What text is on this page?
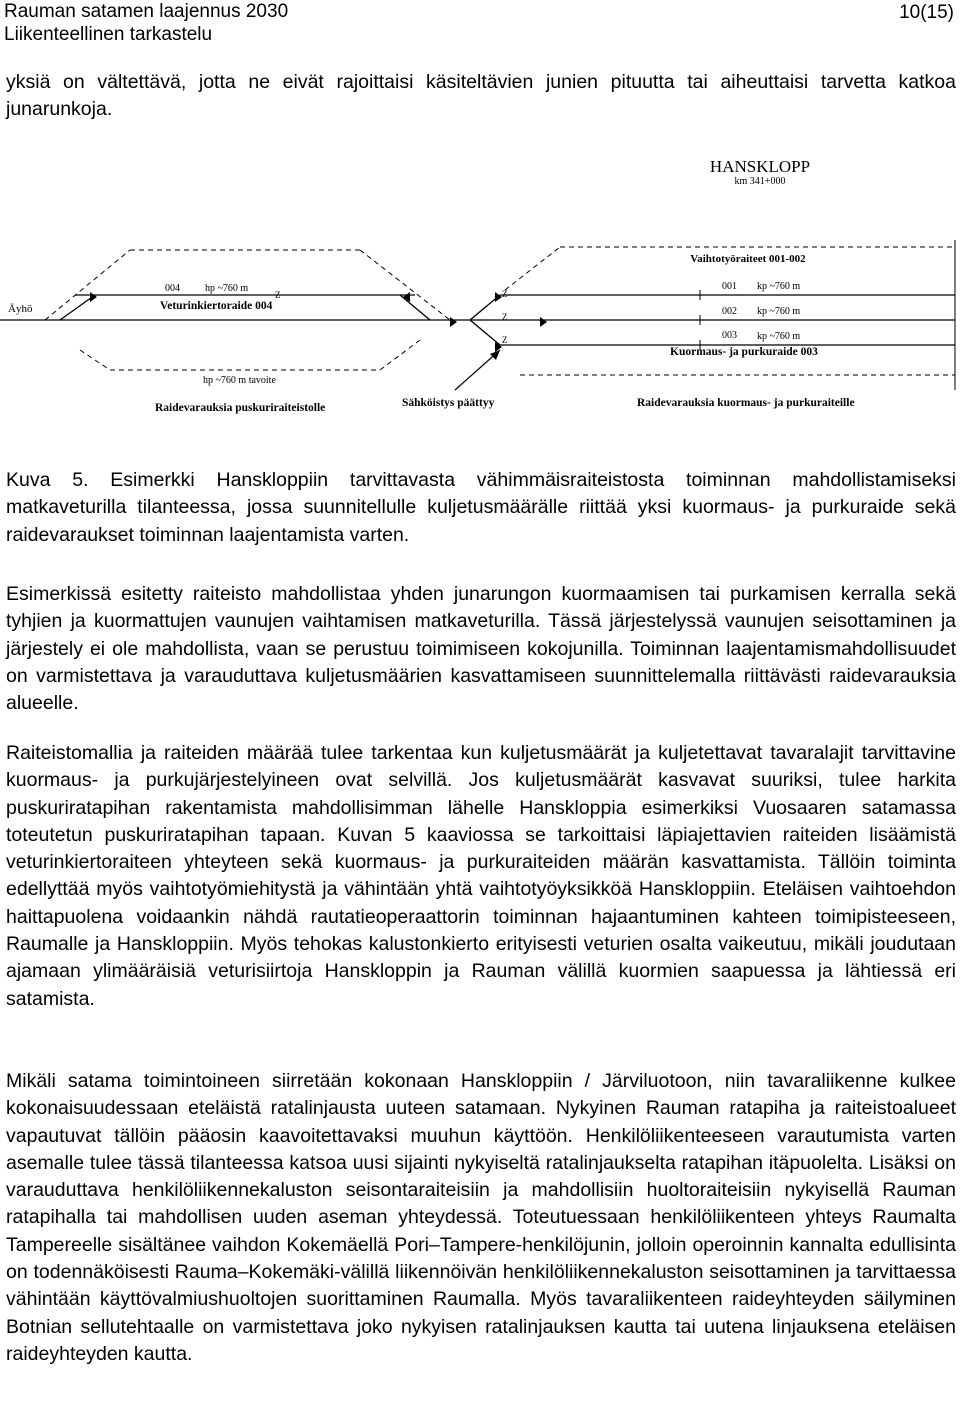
Rauman satamen laajennus 2030
Liikenteellinen tarkastelu
10(15)

yksiä on vältettävä, jotta ne eivät rajoittaisi käsiteltävien junien pituutta tai aiheuttaisi tarvetta katkoa junarunkoja.

HANSKLOPP
km 341+000
Vaihtotyöraiteet 001-002
Äyhö
004	hp ~760 m
Veturinkiertoraide 004
Z	Z
Z
Z
001 kp ~760 m
002 kp ~760 m
003 kp ~760 m
Kuormaus- ja purkuraide 003
hp ~760 m tavoite
Raidevarauksia puskuriraiteistolle	Sähköistys päättyy	Raidevarauksia kuormaus- ja purkuraiteille

Kuva 5. Esimerkki Hanskloppiin tarvittavasta vähimmäisraiteistosta toiminnan mahdollistamiseksi matkaveturilla tilanteessa, jossa suunnitellulle kuljetusmäärälle riittää yksi kuormaus- ja purkuraide sekä raidevaraukset toiminnan laajentamista varten.

Esimerkissä esitetty raiteisto mahdollistaa yhden junarungon kuormaamisen tai purkamisen kerralla sekä tyhjien ja kuormattujen vaunujen vaihtamisen matkaveturilla. Tässä järjestelyssä vaunujen seisottaminen ja järjestely ei ole mahdollista, vaan se perustuu toimimiseen kokojunilla. Toiminnan laajentamismahdollisuudet on varmistettava ja varauduttava kuljetusmäärien kasvattamiseen suunnittelemalla riittävästi raidevarauksia alueelle.

Raiteistomallia ja raiteiden määrää tulee tarkentaa kun kuljetusmäärät ja kuljetettavat tavaralajit tarvittavine kuormaus- ja purkujärjestelyineen ovat selvillä. Jos kuljetusmäärät kasvavat suuriksi, tulee harkita puskuriratapihan rakentamista mahdollisimman lähelle Hanskloppia esimerkiksi Vuosaaren satamassa toteutetun puskuriratapihan tapaan. Kuvan 5 kaaviossa se tarkoittaisi läpiajettavien raiteiden lisäämistä veturinkiertoraiteen yhteyteen sekä kuormaus- ja purkuraiteiden määrän kasvattamista. Tällöin toiminta edellyttää myös vaihtotyömiehitystä ja vähintään yhtä vaihtotyöyksikköä Hanskloppiin. Eteläisen vaihtoehdon haittapuolena voidaankin nähdä rautatieoperaattorin toiminnan hajaantuminen kahteen toimipisteeseen, Raumalle ja Hanskloppiin. Myös tehokas kalustonkierto erityisesti veturien osalta vaikeutuu, mikäli joudutaan ajamaan ylimääräisiä veturisiirtoja Hanskloppin ja Rauman välillä kuormien saapuessa ja lähtiessä eri satamista.

Mikäli satama toimintoineen siirretään kokonaan Hanskloppiin / Järviluotoon, niin tavaraliikenne kulkee kokonaisuudessaan eteläistä ratalinjausta uuteen satamaan. Nykyinen Rauman ratapiha ja raiteistoalueet vapautuvat tällöin pääosin kaavoitettavaksi muuhun käyttöön. Henkilöliikenteeseen varautumista varten asemalle tulee tässä tilanteessa katsoa uusi sijainti nykyiseltä ratalinjaukselta ratapihan itäpuolelta. Lisäksi on varauduttava henkilöliikennekaluston seisontaraiteisiin ja mahdollisiin huoltoraiteisiin nykyisellä Rauman ratapihalla tai mahdollisen uuden aseman yhteydessä. Toteutuessaan henkilöliikenteen yhteys Raumalta Tampereelle sisältänee vaihdon Kokemäellä Pori–Tampere-henkilöjunin, jolloin operoinnin kannalta edullisinta on todennäköisesti Rauma–Kokemäki-välillä liikennöivän henkilöliikennekaluston seisottaminen ja tarvittaessa vähintään käyttövalmiushuoltojen suorittaminen Raumalla. Myös tavaraliikenteen raideyhteyden säilyminen Botnian sellutehtaalle on varmistettava joko nykyisen ratalinjauksen kautta tai uutena linjauksena eteläisen raideyhteyden kautta.
